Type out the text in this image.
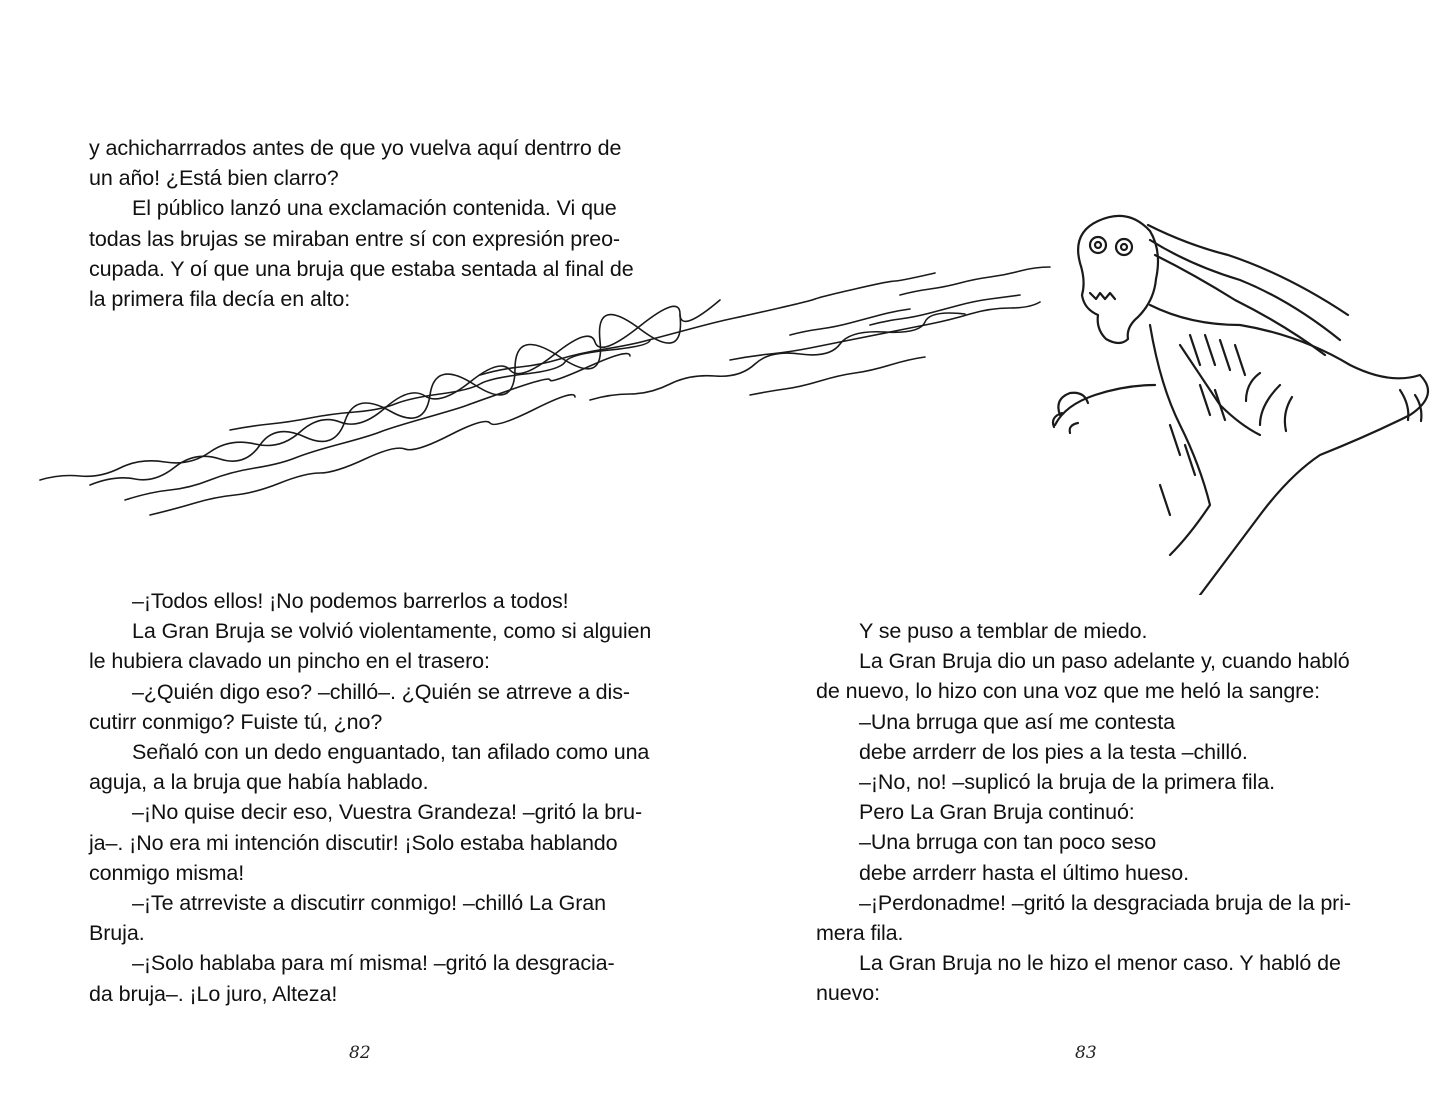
y achicharrrados antes de que yo vuelva aquí dentrro de

un año! ¿Está bien clarro?

El público lanzó una exclamación contenida. Vi que

todas las brujas se miraban entre sí con expresión preo-

cupada. Y oí que una bruja que estaba sentada al final de

la primera fila decía en alto:

–¡Todos ellos! ¡No podemos barrerlos a todos!

La Gran Bruja se volvió violentamente, como si alguien

le hubiera clavado un pincho en el trasero:

–¿Quién digo eso? –chilló–. ¿Quién se atrreve a dis-

cutirr conmigo? Fuiste tú, ¿no?

Señaló con un dedo enguantado, tan afilado como una

aguja, a la bruja que había hablado.

–¡No quise decir eso, Vuestra Grandeza! –gritó la bru-

ja–. ¡No era mi intención discutir! ¡Solo estaba hablando

conmigo misma!

–¡Te atrreviste a discutirr conmigo! –chilló La Gran

Bruja.

–¡Solo hablaba para mí misma! –gritó la desgracia-

da bruja–. ¡Lo juro, Alteza!

82

Y se puso a temblar de miedo.

La Gran Bruja dio un paso adelante y, cuando habló

de nuevo, lo hizo con una voz que me heló la sangre:

–Una brruga que así me contesta

debe arrderr de los pies a la testa –chilló.

–¡No, no! –suplicó la bruja de la primera fila.

Pero La Gran Bruja continuó:

–Una brruga con tan poco seso

debe arrderr hasta el último hueso.

–¡Perdonadme! –gritó la desgraciada bruja de la pri-

mera fila.

La Gran Bruja no le hizo el menor caso. Y habló de

nuevo:

83
